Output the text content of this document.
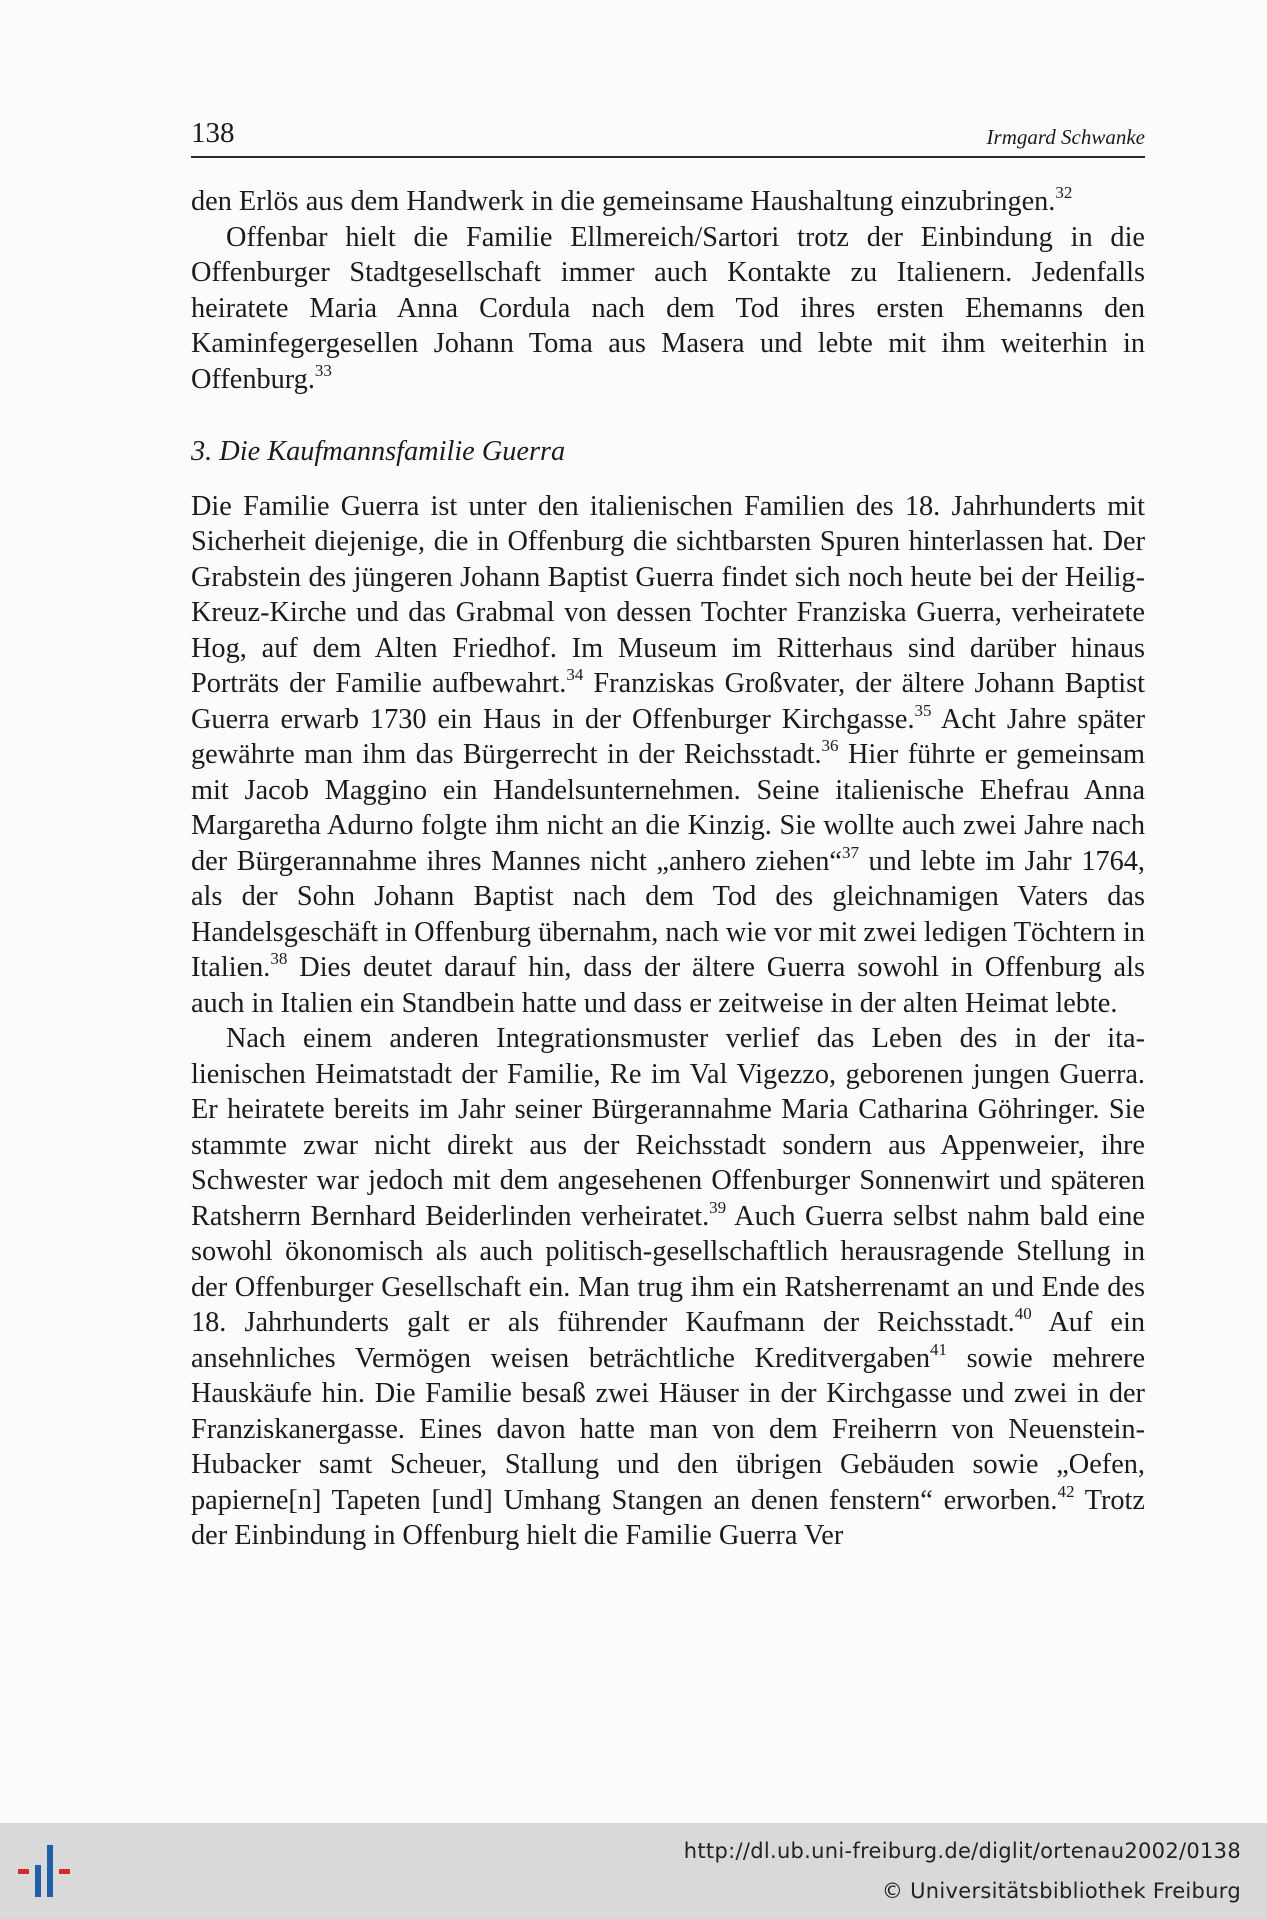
138	Irmgard Schwanke

den Erlös aus dem Handwerk in die gemeinsame Haushaltung einzubringen.$^{32}$

Offenbar hielt die Familie Ellmereich/Sartori trotz der Einbindung in die Offenburger Stadtgesellschaft immer auch Kontakte zu Italienern. Jedenfalls heiratete Maria Anna Cordula nach dem Tod ihres ersten Ehemanns den Kaminfegergesellen Johann Toma aus Masera und lebte mit ihm weiterhin in Offenburg.$^{33}$

3. Die Kaufmannsfamilie Guerra

Die Familie Guerra ist unter den italienischen Familien des 18. Jahrhunderts mit Sicherheit diejenige, die in Offenburg die sichtbarsten Spuren hinterlassen hat. Der Grabstein des jüngeren Johann Baptist Guerra findet sich noch heute bei der Heilig-Kreuz-Kirche und das Grabmal von dessen Tochter Franziska Guerra, verheiratete Hog, auf dem Alten Friedhof. Im Museum im Ritterhaus sind darüber hinaus Porträts der Familie aufbewahrt.$^{34}$ Franziskas Großvater, der ältere Johann Baptist Guerra erwarb 1730 ein Haus in der Offenburger Kirchgasse.$^{35}$ Acht Jahre später gewährte man ihm das Bürgerrecht in der Reichsstadt.$^{36}$ Hier führte er gemeinsam mit Jacob Maggino ein Handelsunternehmen. Seine italienische Ehefrau Anna Margaretha Adurno folgte ihm nicht an die Kinzig. Sie wollte auch zwei Jahre nach der Bürgerannahme ihres Mannes nicht „anhero ziehen“$^{37}$ und lebte im Jahr 1764, als der Sohn Johann Baptist nach dem Tod des gleichnamigen Vaters das Handelsgeschäft in Offenburg übernahm, nach wie vor mit zwei ledigen Töchtern in Italien.$^{38}$ Dies deutet darauf hin, dass der ältere Guerra sowohl in Offenburg als auch in Italien ein Standbein hatte und dass er zeitweise in der alten Heimat lebte.

Nach einem anderen Integrationsmuster verlief das Leben des in der italienischen Heimatstadt der Familie, Re im Val Vigezzo, geborenen jungen Guerra. Er heiratete bereits im Jahr seiner Bürgerannahme Maria Catharina Göhringer. Sie stammte zwar nicht direkt aus der Reichsstadt sondern aus Appenweier, ihre Schwester war jedoch mit dem angesehenen Offenburger Sonnenwirt und späteren Ratsherrn Bernhard Beiderlinden verheiratet.$^{39}$ Auch Guerra selbst nahm bald eine sowohl ökonomisch als auch politisch-gesellschaftlich herausragende Stellung in der Offenburger Gesellschaft ein. Man trug ihm ein Ratsherrenamt an und Ende des 18. Jahrhunderts galt er als führender Kaufmann der Reichsstadt.$^{40}$ Auf ein ansehnliches Vermögen weisen beträchtliche Kreditvergaben$^{41}$ sowie mehrere Hauskäufe hin. Die Familie besaß zwei Häuser in der Kirchgasse und zwei in der Franziskanergasse. Eines davon hatte man von dem Freiherrn von Neuenstein-Hubacker samt Scheuer, Stallung und den übrigen Gebäuden sowie „Oefen, papierne[n] Tapeten [und] Umhang Stangen an denen fenstern“ erworben.$^{42}$ Trotz der Einbindung in Offenburg hielt die Familie Guerra Ver

http://dl.ub.uni-freiburg.de/diglit/ortenau2002/0138
© Universitätsbibliothek Freiburg
